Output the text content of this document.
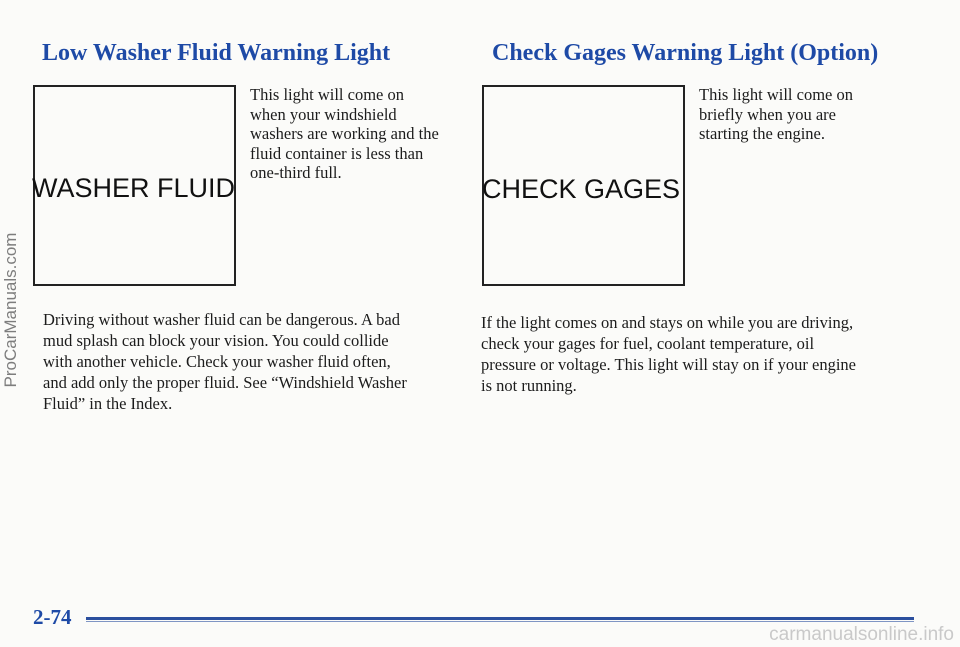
Low Washer Fluid Warning Light
WASHER FLUID
This light will come on
when your windshield
washers are working and the
fluid container is less than
one-third full.
Driving without washer fluid can be dangerous. A bad
mud splash can block your vision. You could collide
with another vehicle. Check your washer fluid often,
and add only the proper fluid. See “Windshield Washer
Fluid” in the Index.
Check Gages Warning Light (Option)
CHECK GAGES
This light will come on
briefly when you are
starting the engine.
If the light comes on and stays on while you are driving,
check your gages for fuel, coolant temperature, oil
pressure or voltage. This light will stay on if your engine
is not running.
ProCarManuals.com
2-74
carmanualsonline.info
